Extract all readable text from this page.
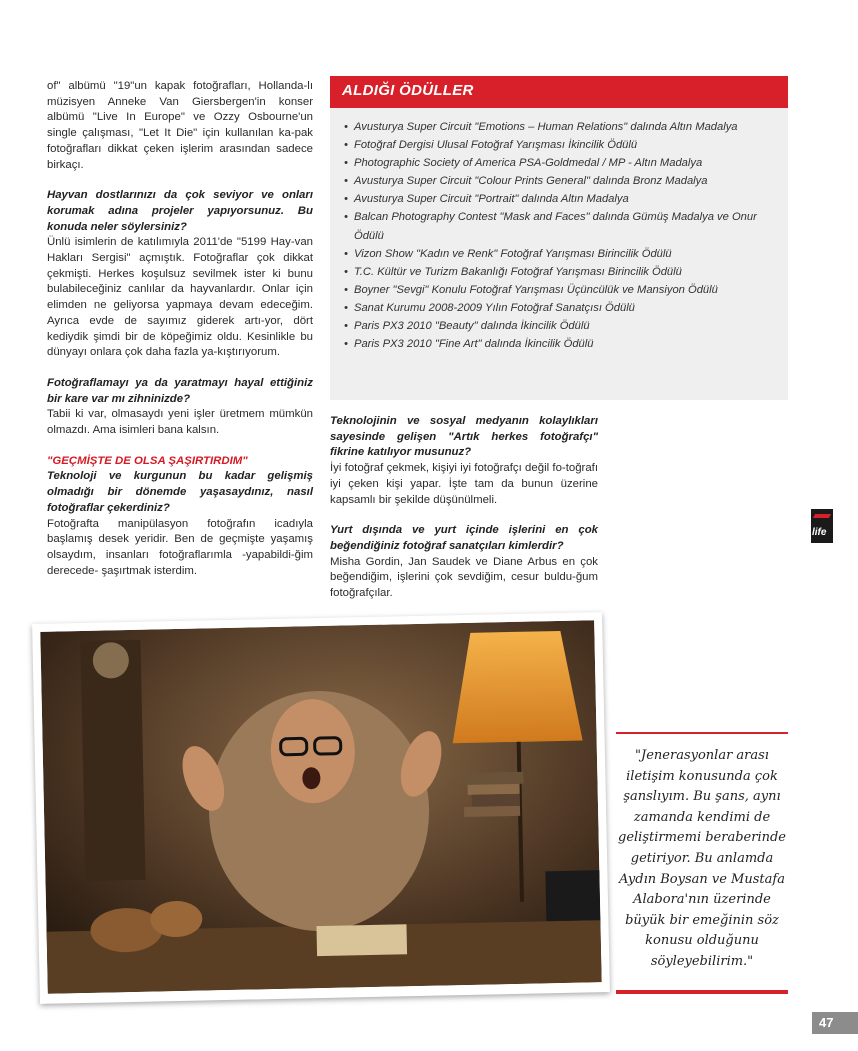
of" albümü "19"un kapak fotoğrafları, Hollanda-lı müzisyen Anneke Van Giersbergen'in konser albümü "Live In Europe" ve Ozzy Osbourne'un single çalışması, "Let It Die" için kullanılan ka-pak fotoğrafları dikkat çeken işlerim arasından sadece birkaçı.

Hayvan dostlarınızı da çok seviyor ve onları korumak adına projeler yapıyorsunuz. Bu konuda neler söylersiniz?

Ünlü isimlerin de katılımıyla 2011'de "5199 Hay-van Hakları Sergisi" açmıştık. Fotoğraflar çok dikkat çekmişti. Herkes koşulsuz sevilmek ister ki bunu bulabileceğiniz canlılar da hayvanlardır. Onlar için elimden ne geliyorsa yapmaya devam edeceğim. Ayrıca evde de sayımız giderek artı-yor, dört kediydik şimdi bir de köpeğimiz oldu. Kesinlikle bu dünyayı onlara çok daha fazla ya-kıştırıyorum.

Fotoğraflamayı ya da yaratmayı hayal ettiğiniz bir kare var mı zihninizde?

Tabii ki var, olmasaydı yeni işler üretmem mümkün olmazdı. Ama isimleri bana kalsın.

"GEÇMİŞTE DE OLSA ŞAŞIRTIRDIM"

Teknoloji ve kurgunun bu kadar gelişmiş olmadığı bir dönemde yaşasaydınız, nasıl fotoğraflar çekerdiniz?

Fotoğrafta manipülasyon fotoğrafın icadıyla başlamış desek yeridir. Ben de geçmişte yaşamış olsaydım, insanları fotoğraflarımla -yapabildi-ğim derecede- şaşırtmak isterdim.

ALDIĞI ÖDÜLLER
• Avusturya Super Circuit "Emotions – Human Relations" dalında Altın Madalya
• Fotoğraf Dergisi Ulusal Fotoğraf Yarışması İkincilik Ödülü
• Photographic Society of America PSA-Goldmedal / MP - Altın Madalya
• Avusturya Super Circuit "Colour Prints General" dalında Bronz Madalya
• Avusturya Super Circuit "Portrait" dalında Altın Madalya
• Balcan Photography Contest "Mask and Faces" dalında Gümüş Madalya ve Onur Ödülü
• Vizon Show "Kadın ve Renk" Fotoğraf Yarışması Birincilik Ödülü
• T.C. Kültür ve Turizm Bakanlığı Fotoğraf Yarışması Birincilik Ödülü
• Boyner "Sevgi" Konulu Fotoğraf Yarışması Üçüncülük ve Mansiyon Ödülü
• Sanat Kurumu 2008-2009 Yılın Fotoğraf Sanatçısı Ödülü
• Paris PX3 2010 "Beauty" dalında İkincilik Ödülü
• Paris PX3 2010 "Fine Art" dalında İkincilik Ödülü

Teknolojinin ve sosyal medyanın kolaylıkları sayesinde gelişen "Artık herkes fotoğrafçı" fikrine katılıyor musunuz?

İyi fotoğraf çekmek, kişiyi iyi fotoğrafçı değil fo-toğrafı iyi çeken kişi yapar. İşte tam da bunun üzerine kapsamlı bir şekilde düşünülmeli.

Yurt dışında ve yurt içinde işlerini en çok beğendiğiniz fotoğraf sanatçıları kimlerdir?

Misha Gordin, Jan Saudek ve Diane Arbus en çok beğendiğim, işlerini çok sevdiğim, cesur buldu-ğum fotoğrafçılar.

"Jenerasyonlar arası iletişim konusunda çok şanslıyım. Bu şans, aynı zamanda kendimi de geliştirmemi beraberinde getiriyor. Bu anlamda Aydın Boysan ve Mustafa Alabora'nın üzerinde büyük bir emeğinin söz konusu olduğunu söyleyebilirim."
life
47
